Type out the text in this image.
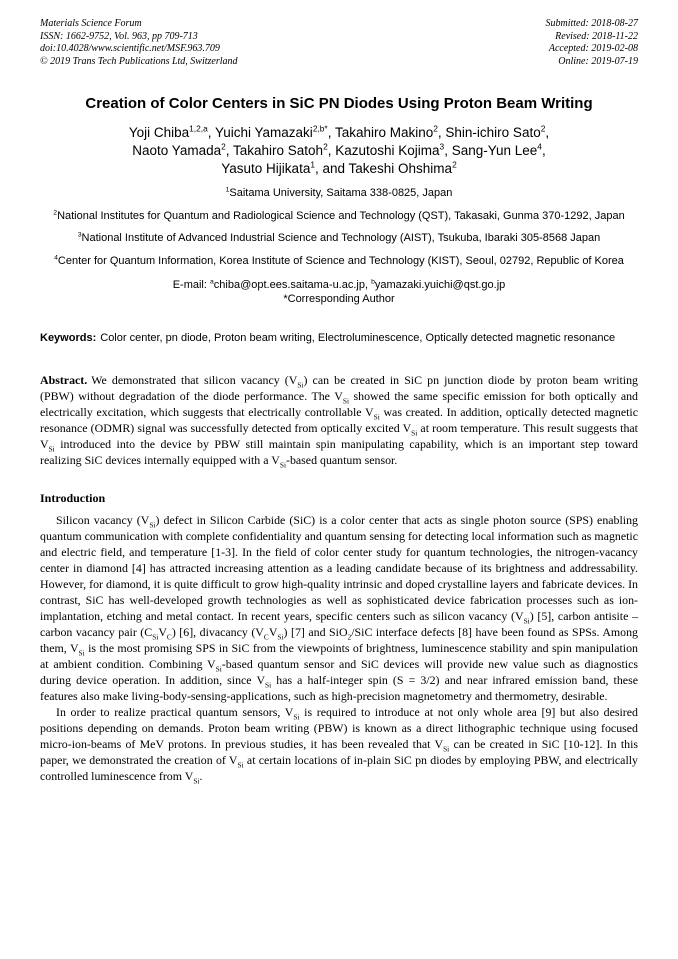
Materials Science Forum
ISSN: 1662-9752, Vol. 963, pp 709-713
doi:10.4028/www.scientific.net/MSF.963.709
© 2019 Trans Tech Publications Ltd, Switzerland
Submitted: 2018-08-27
Revised: 2018-11-22
Accepted: 2019-02-08
Online: 2019-07-19
Creation of Color Centers in SiC PN Diodes Using Proton Beam Writing
Yoji Chiba$^{1,2,a}$, Yuichi Yamazaki$^{2,b*}$, Takahiro Makino$^2$, Shin-ichiro Sato$^2$,
Naoto Yamada$^2$, Takahiro Satoh$^2$, Kazutoshi Kojima$^3$, Sang-Yun Lee$^4$,
Yasuto Hijikata$^1$, and Takeshi Ohshima$^2$
$^1$Saitama University, Saitama 338-0825, Japan
$^2$National Institutes for Quantum and Radiological Science and Technology (QST), Takasaki, Gunma 370-1292, Japan
$^3$National Institute of Advanced Industrial Science and Technology (AIST), Tsukuba, Ibaraki 305-8568 Japan
$^4$Center for Quantum Information, Korea Institute of Science and Technology (KIST), Seoul, 02792, Republic of Korea
E-mail: $^a$chiba@opt.ees.saitama-u.ac.jp, $^b$yamazaki.yuichi@qst.go.jp
*Corresponding Author
Keywords: Color center, pn diode, Proton beam writing, Electroluminescence, Optically detected magnetic resonance
Abstract. We demonstrated that silicon vacancy $(V_{Si})$ can be created in SiC pn junction diode by proton beam writing (PBW) without degradation of the diode performance. The $V_{Si}$ showed the same specific emission for both optically and electrically excitation, which suggests that electrically controllable $V_{Si}$ was created. In addition, optically detected magnetic resonance (ODMR) signal was successfully detected from optically excited $V_{Si}$ at room temperature. This result suggests that $V_{Si}$ introduced into the device by PBW still maintain spin manipulating capability, which is an important step toward realizing SiC devices internally equipped with a $V_{Si}$-based quantum sensor.
Introduction

Silicon vacancy $(V_{Si})$ defect in Silicon Carbide (SiC) is a color center that acts as single photon source (SPS) enabling quantum communication with complete confidentiality and quantum sensing for detecting local information such as magnetic and electric field, and temperature [1-3]. In the field of color center study for quantum technologies, the nitrogen-vacancy center in diamond [4] has attracted increasing attention as a leading candidate because of its brightness and addressability. However, for diamond, it is quite difficult to grow high-quality intrinsic and doped crystalline layers and fabricate devices. In contrast, SiC has well-developed growth technologies as well as sophisticated device fabrication processes such as ion-implantation, etching and metal contact. In recent years, specific centers such as silicon vacancy $(V_{Si})$ [5], carbon antisite – carbon vacancy pair $(C_{Si}V_C)$ [6], divacancy $(V_CV_{Si})$ [7] and SiO$_2$/SiC interface defects [8] have been found as SPSs. Among them, $V_{Si}$ is the most promising SPS in SiC from the viewpoints of brightness, luminescence stability and spin manipulation at ambient condition. Combining $V_{Si}$-based quantum sensor and SiC devices will provide new value such as diagnostics during device operation. In addition, since $V_{Si}$ has a half-integer spin (S = 3/2) and near infrared emission band, these features also make living-body-sensing-applications, such as high-precision magnetometry and thermometry, desirable.

In order to realize practical quantum sensors, $V_{Si}$ is required to introduce at not only whole area [9] but also desired positions depending on demands. Proton beam writing (PBW) is known as a direct lithographic technique using focused micro-ion-beams of MeV protons. In previous studies, it has been revealed that $V_{Si}$ can be created in SiC [10-12]. In this paper, we demonstrated the creation of $V_{Si}$ at certain locations of in-plain SiC pn diodes by employing PBW, and electrically controlled luminescence from $V_{Si}$.
